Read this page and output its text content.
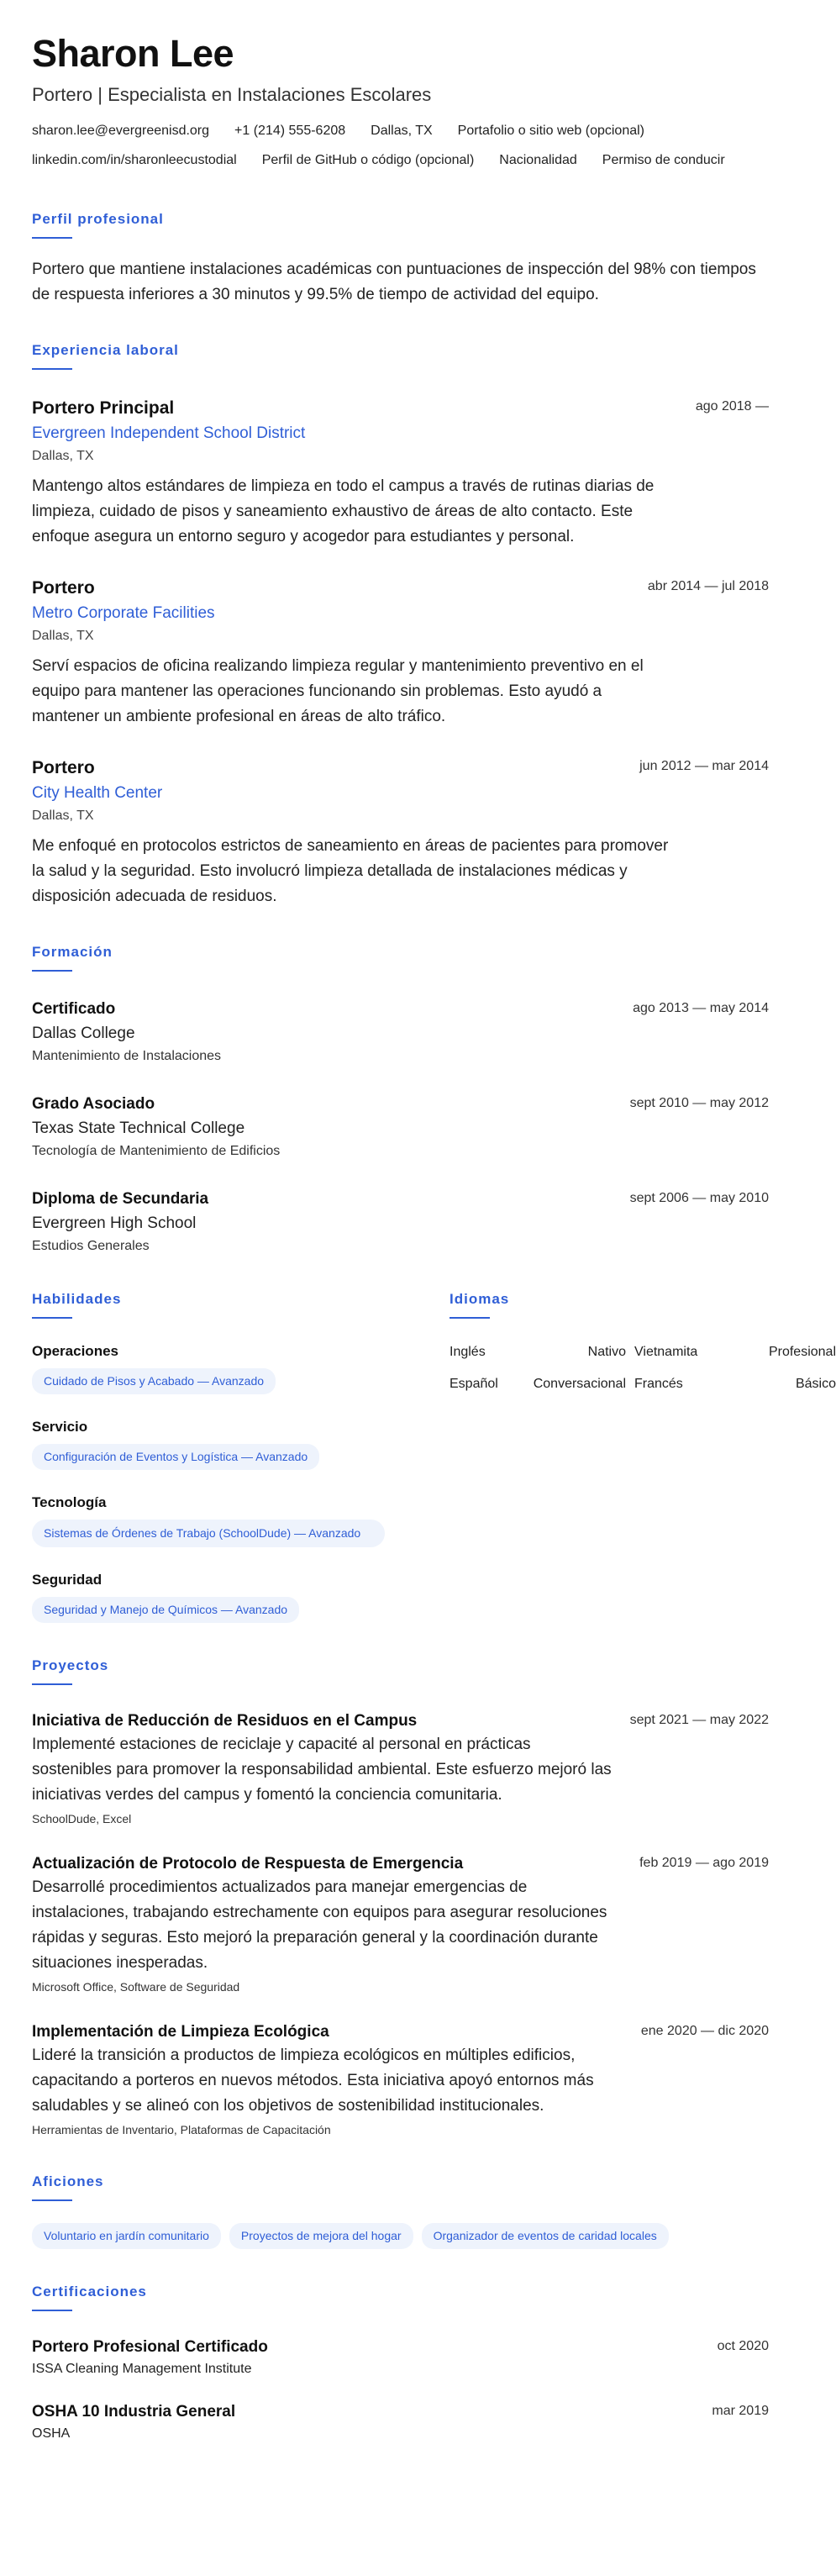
Sharon Lee
Portero | Especialista en Instalaciones Escolares
sharon.lee@evergreenisd.org +1 (214) 555-6208 Dallas, TX Portafolio o sitio web (opcional)
linkedin.com/in/sharonleecustodial Perfil de GitHub o código (opcional) Nacionalidad Permiso de conducir
Perfil profesional
Portero que mantiene instalaciones académicas con puntuaciones de inspección del 98% con tiempos de respuesta inferiores a 30 minutos y 99.5% de tiempo de actividad del equipo.
Experiencia laboral
Portero Principal	ago 2018 —
Evergreen Independent School District
Dallas, TX
Mantengo altos estándares de limpieza en todo el campus a través de rutinas diarias de limpieza, cuidado de pisos y saneamiento exhaustivo de áreas de alto contacto. Este enfoque asegura un entorno seguro y acogedor para estudiantes y personal.
Portero	abr 2014 — jul 2018
Metro Corporate Facilities
Dallas, TX
Serví espacios de oficina realizando limpieza regular y mantenimiento preventivo en el equipo para mantener las operaciones funcionando sin problemas. Esto ayudó a mantener un ambiente profesional en áreas de alto tráfico.
Portero	jun 2012 — mar 2014
City Health Center
Dallas, TX
Me enfoqué en protocolos estrictos de saneamiento en áreas de pacientes para promover la salud y la seguridad. Esto involucró limpieza detallada de instalaciones médicas y disposición adecuada de residuos.
Formación
Certificado	ago 2013 — may 2014
Dallas College
Mantenimiento de Instalaciones
Grado Asociado	sept 2010 — may 2012
Texas State Technical College
Tecnología de Mantenimiento de Edificios
Diploma de Secundaria	sept 2006 — may 2010
Evergreen High School
Estudios Generales
Habilidades
Operaciones
Cuidado de Pisos y Acabado — Avanzado
Servicio
Configuración de Eventos y Logística — Avanzado
Tecnología
Sistemas de Órdenes de Trabajo (SchoolDude) — Avanzado
Seguridad
Seguridad y Manejo de Químicos — Avanzado
Idiomas
Inglés	Nativo Vietnamita	Profesional
Español	Conversacional Francés	Básico
Proyectos
Iniciativa de Reducción de Residuos en el Campus	sept 2021 — may 2022
Implementé estaciones de reciclaje y capacité al personal en prácticas sostenibles para promover la responsabilidad ambiental. Este esfuerzo mejoró las iniciativas verdes del campus y fomentó la conciencia comunitaria.
SchoolDude, Excel
Actualización de Protocolo de Respuesta de Emergencia	feb 2019 — ago 2019
Desarrollé procedimientos actualizados para manejar emergencias de instalaciones, trabajando estrechamente con equipos para asegurar resoluciones rápidas y seguras. Esto mejoró la preparación general y la coordinación durante situaciones inesperadas.
Microsoft Office, Software de Seguridad
Implementación de Limpieza Ecológica	ene 2020 — dic 2020
Lideré la transición a productos de limpieza ecológicos en múltiples edificios, capacitando a porteros en nuevos métodos. Esta iniciativa apoyó entornos más saludables y se alineó con los objetivos de sostenibilidad institucionales.
Herramientas de Inventario, Plataformas de Capacitación
Aficiones
Voluntario en jardín comunitario	Proyectos de mejora del hogar	Organizador de eventos de caridad locales
Certificaciones
Portero Profesional Certificado	oct 2020
ISSA Cleaning Management Institute
OSHA 10 Industria General	mar 2019
OSHA
